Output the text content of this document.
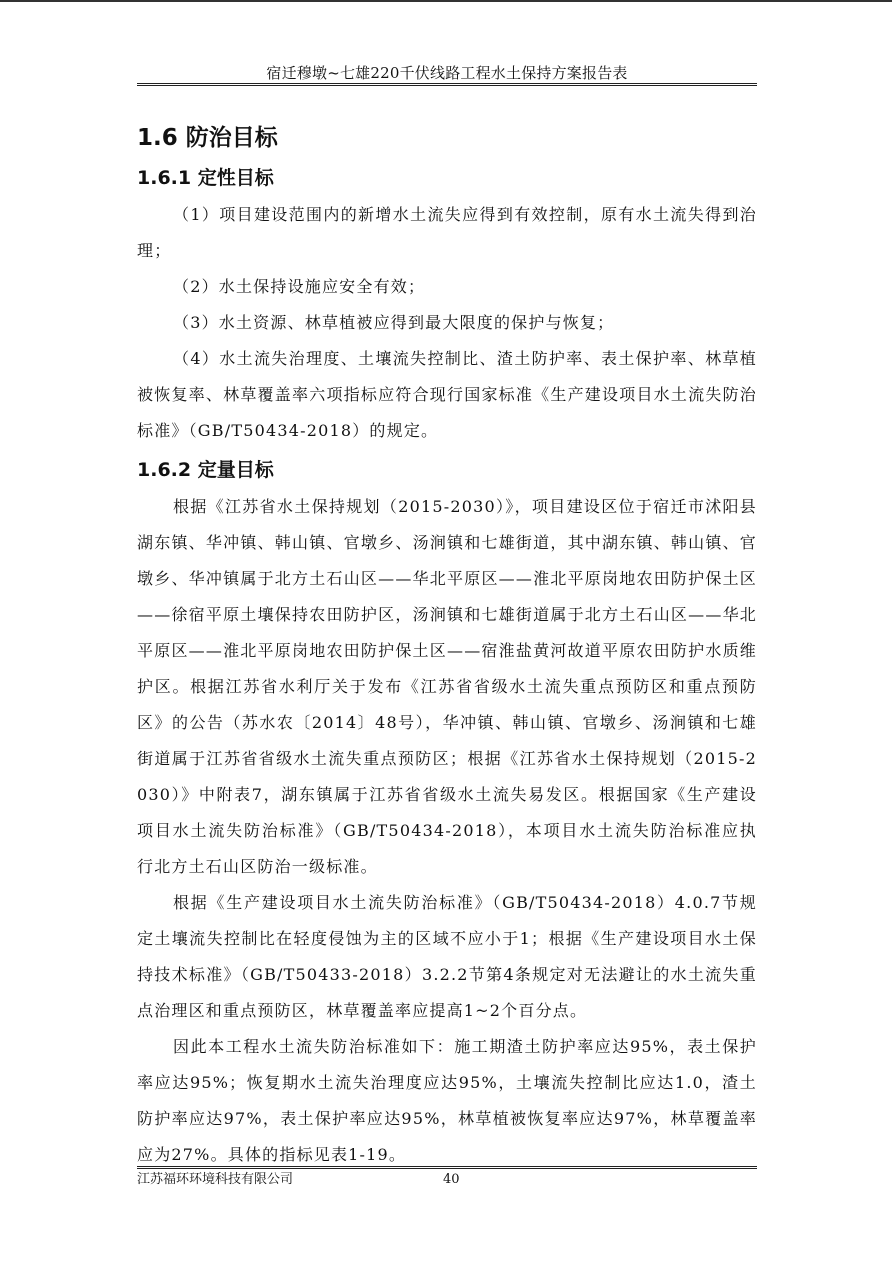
宿迁穆墩~七雄220千伏线路工程水土保持方案报告表
1.6 防治目标
1.6.1 定性目标

（1）项目建设范围内的新增水土流失应得到有效控制，原有水土流失得到治理；

（2）水土保持设施应安全有效；

（3）水土资源、林草植被应得到最大限度的保护与恢复；

（4）水土流失治理度、土壤流失控制比、渣土防护率、表土保护率、林草植被恢复率、林草覆盖率六项指标应符合现行国家标准《生产建设项目水土流失防治标准》（GB/T50434-2018）的规定。

1.6.2 定量目标

根据《江苏省水土保持规划（2015-2030）》，项目建设区位于宿迁市沭阳县湖东镇、华冲镇、韩山镇、官墩乡、汤涧镇和七雄街道，其中湖东镇、韩山镇、官墩乡、华冲镇属于北方土石山区——华北平原区——淮北平原岗地农田防护保土区——徐宿平原土壤保持农田防护区，汤涧镇和七雄街道属于北方土石山区——华北平原区——淮北平原岗地农田防护保土区——宿淮盐黄河故道平原农田防护水质维护区。根据江苏省水利厅关于发布《江苏省省级水土流失重点预防区和重点预防区》的公告（苏水农〔2014〕48号），华冲镇、韩山镇、官墩乡、汤涧镇和七雄街道属于江苏省省级水土流失重点预防区；根据《江苏省水土保持规划（2015-2030）》中附表7，湖东镇属于江苏省省级水土流失易发区。根据国家《生产建设项目水土流失防治标准》（GB/T50434-2018），本项目水土流失防治标准应执行北方土石山区防治一级标准。

根据《生产建设项目水土流失防治标准》（GB/T50434-2018）4.0.7节规定土壤流失控制比在轻度侵蚀为主的区域不应小于1；根据《生产建设项目水土保持技术标准》（GB/T50433-2018）3.2.2节第4条规定对无法避让的水土流失重点治理区和重点预防区，林草覆盖率应提高1~2个百分点。

因此本工程水土流失防治标准如下：施工期渣土防护率应达95%，表土保护率应达95%；恢复期水土流失治理度应达95%，土壤流失控制比应达1.0，渣土防护率应达97%，表土保护率应达95%，林草植被恢复率应达97%，林草覆盖率应为27%。具体的指标见表1-19。

江苏福环环境科技有限公司	40
